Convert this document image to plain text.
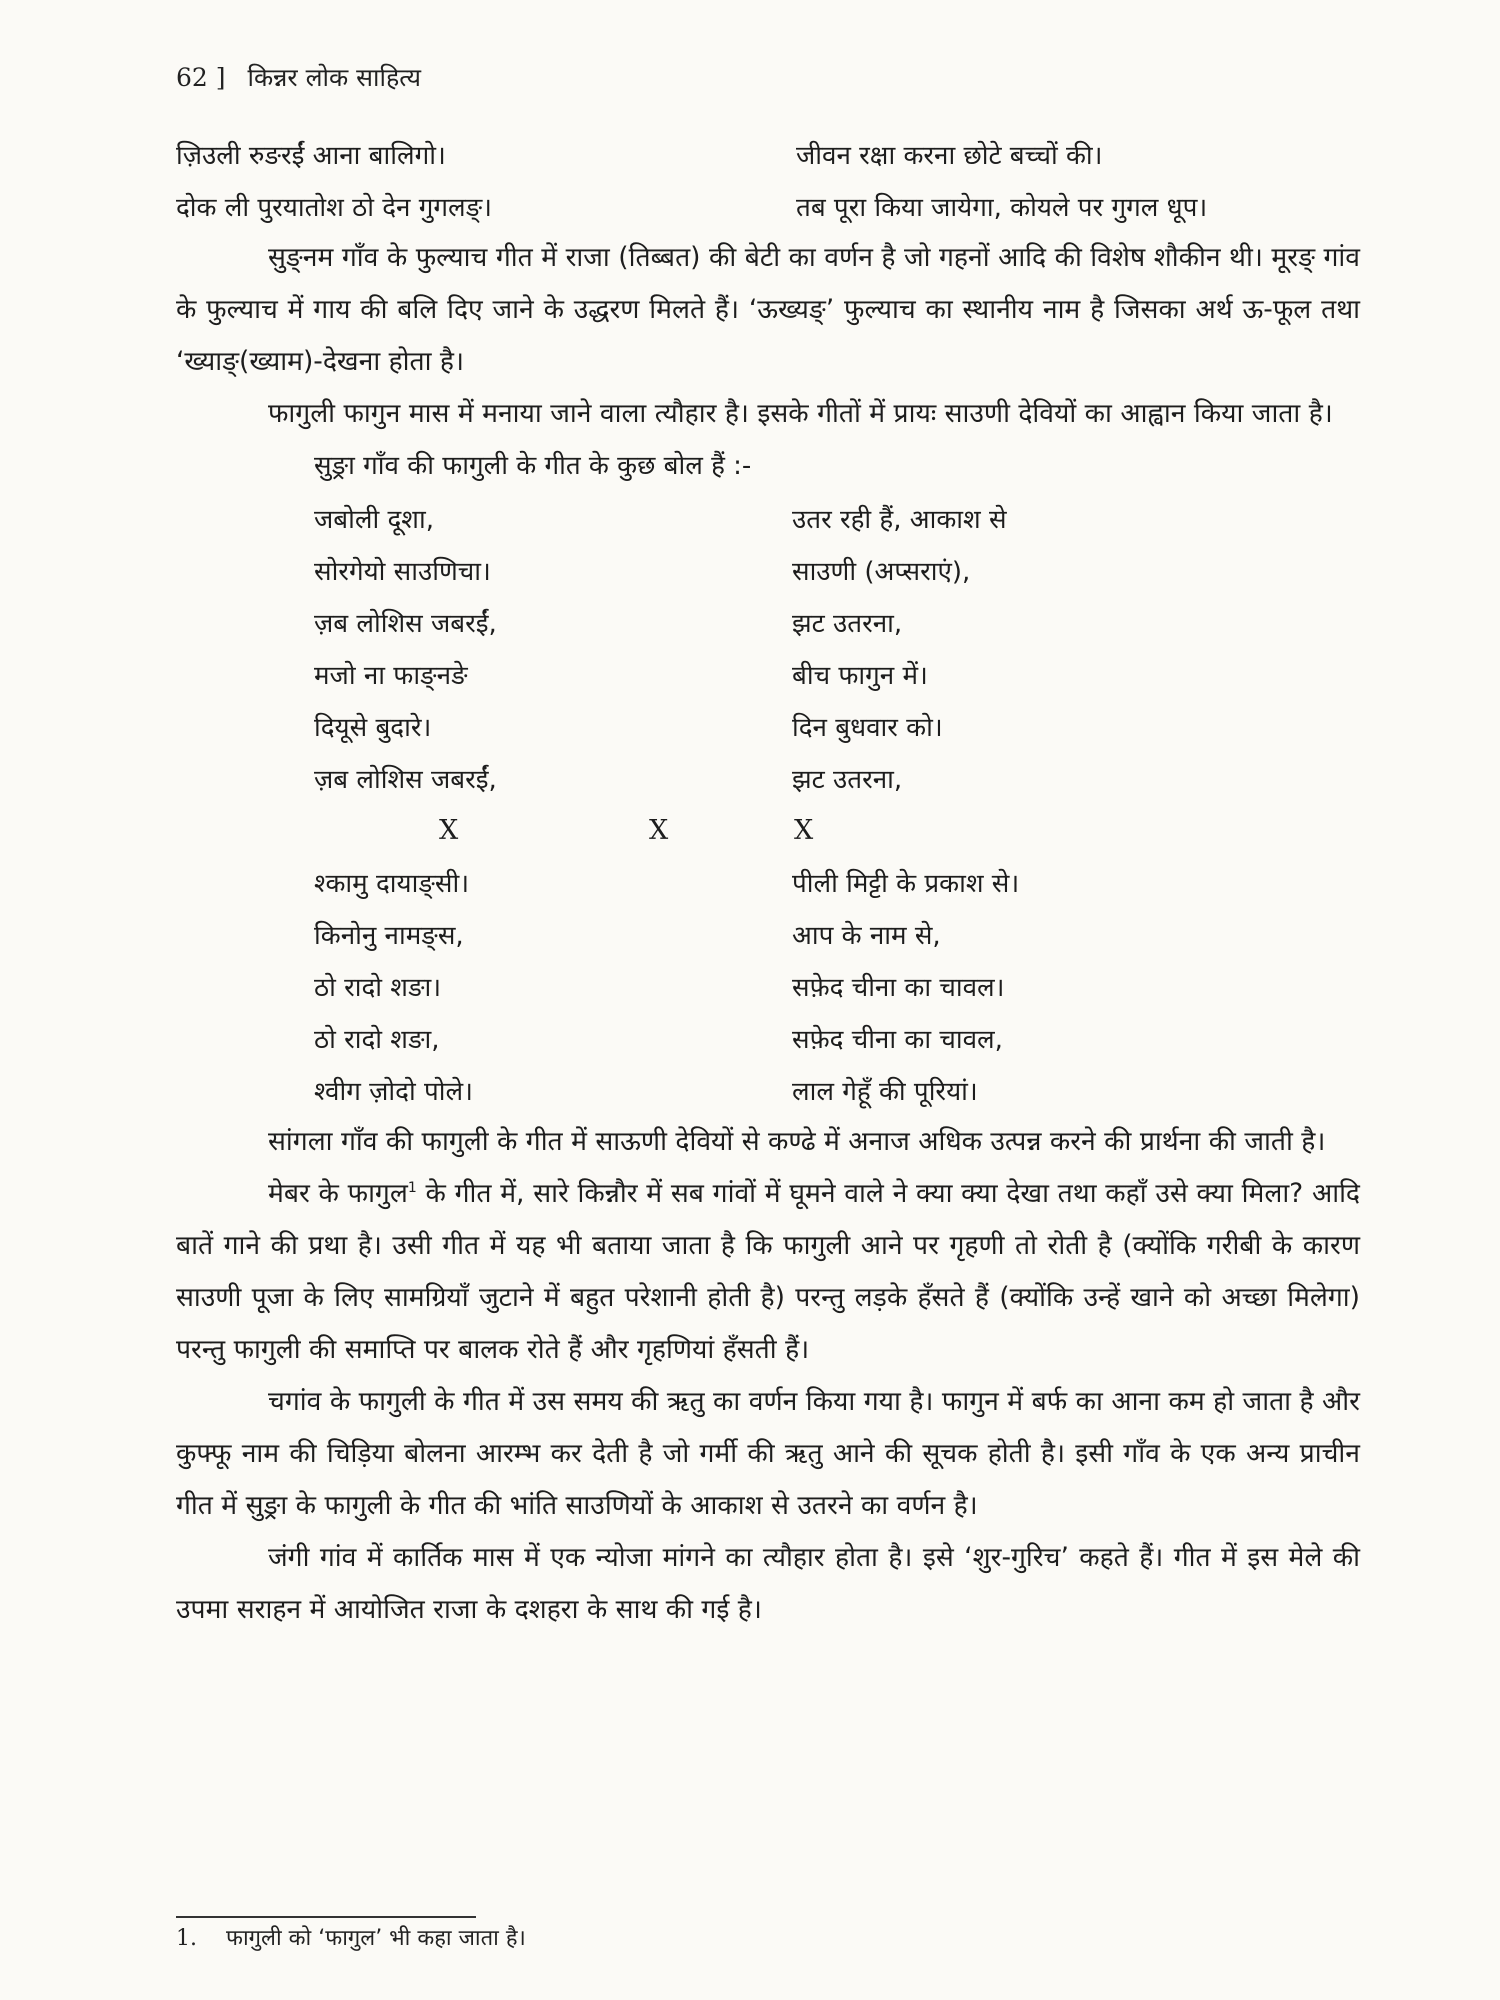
62 ] किन्नर लोक साहित्य
ज़िउली रुङरईं आना बालिगो।	जीवन रक्षा करना छोटे बच्चों की।
दोक ली पुरयातोश ठो देन गुगलङ्।	तब पूरा किया जायेगा, कोयले पर गुगल धूप।

सुङ्नम गाँव के फुल्याच गीत में राजा (तिब्बत) की बेटी का वर्णन है जो गहनों आदि की विशेष शौकीन थी। मूरङ् गांव के फुल्याच में गाय की बलि दिए जाने के उद्धरण मिलते हैं। ‘ऊख्यङ्’ फुल्याच का स्थानीय नाम है जिसका अर्थ ऊ-फूल तथा ‘ख्याङ्(ख्याम)-देखना होता है।

फागुली फागुन मास में मनाया जाने वाला त्यौहार है। इसके गीतों में प्रायः साउणी देवियों का आह्वान किया जाता है।

सुङ्रा गाँव की फागुली के गीत के कुछ बोल हैं :-
जबोली दूशा,	उतर रही हैं, आकाश से
सोरगेयो साउणिचा।	साउणी (अप्सराएं),
ज़ब लोशिस जबरईं,	झट उतरना,
मजो ना फाङ्नङे	बीच फागुन में।
दियूसे बुदारे।	दिन बुधवार को।
ज़ब लोशिस जबरईं,	झट उतरना,
X	X	X
श्कामु दायाङ्सी।	पीली मिट्टी के प्रकाश से।
किनोनु नामङ्स,	आप के नाम से,
ठो रादो शङा।	सफ़ेद चीना का चावल।
ठो रादो शङा,	सफ़ेद चीना का चावल,
श्वीग ज़ोदो पोले।	लाल गेहूँ की पूरियां।

सांगला गाँव की फागुली के गीत में साऊणी देवियों से कण्ढे में अनाज अधिक उत्पन्न करने की प्रार्थना की जाती है।

मेबर के फागुल$^1$ के गीत में, सारे किन्नौर में सब गांवों में घूमने वाले ने क्या क्या देखा तथा कहाँ उसे क्या मिला? आदि बातें गाने की प्रथा है। उसी गीत में यह भी बताया जाता है कि फागुली आने पर गृहणी तो रोती है (क्योंकि गरीबी के कारण साउणी पूजा के लिए सामग्रियाँ जुटाने में बहुत परेशानी होती है) परन्तु लड़के हँसते हैं (क्योंकि उन्हें खाने को अच्छा मिलेगा) परन्तु फागुली की समाप्ति पर बालक रोते हैं और गृहणियां हँसती हैं।

चगांव के फागुली के गीत में उस समय की ऋतु का वर्णन किया गया है। फागुन में बर्फ का आना कम हो जाता है और कुफ्फू नाम की चिड़िया बोलना आरम्भ कर देती है जो गर्मी की ऋतु आने की सूचक होती है। इसी गाँव के एक अन्य प्राचीन गीत में सुङ्रा के फागुली के गीत की भांति साउणियों के आकाश से उतरने का वर्णन है।

जंगी गांव में कार्तिक मास में एक न्योजा मांगने का त्यौहार होता है। इसे ‘शुर-गुरिच’ कहते हैं। गीत में इस मेले की उपमा सराहन में आयोजित राजा के दशहरा के साथ की गई है।

1. फागुली को ‘फागुल’ भी कहा जाता है।
